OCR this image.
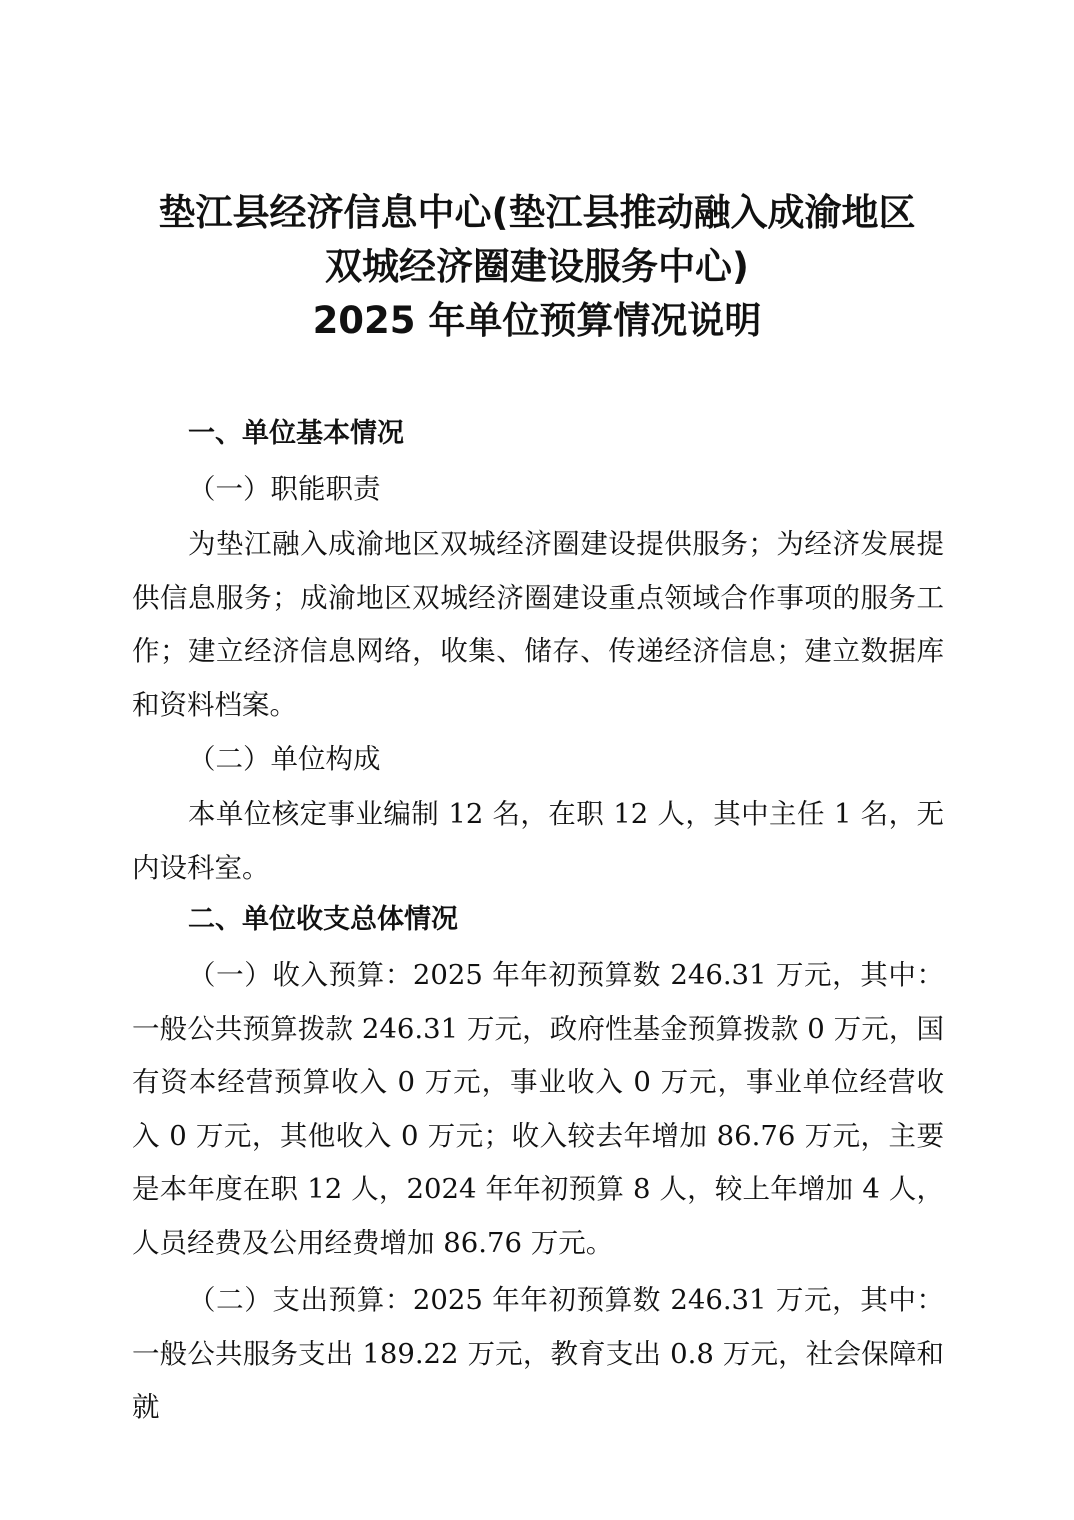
垫江县经济信息中心(垫江县推动融入成渝地区
双城经济圈建设服务中心)
2025 年单位预算情况说明
一、单位基本情况
（一）职能职责

为垫江融入成渝地区双城经济圈建设提供服务；为经济发展提供信息服务；成渝地区双城经济圈建设重点领域合作事项的服务工作；建立经济信息网络，收集、储存、传递经济信息；建立数据库和资料档案。

（二）单位构成

本单位核定事业编制 12 名，在职 12 人，其中主任 1 名，无内设科室。

二、单位收支总体情况

（一）收入预算：2025 年年初预算数 246.31 万元，其中：一般公共预算拨款 246.31 万元，政府性基金预算拨款 0 万元，国有资本经营预算收入 0 万元，事业收入 0 万元，事业单位经营收入 0 万元，其他收入 0 万元；收入较去年增加 86.76 万元，主要是本年度在职 12 人，2024 年年初预算 8 人，较上年增加 4 人，人员经费及公用经费增加 86.76 万元。

（二）支出预算：2025 年年初预算数 246.31 万元，其中：一般公共服务支出 189.22 万元，教育支出 0.8 万元，社会保障和就
